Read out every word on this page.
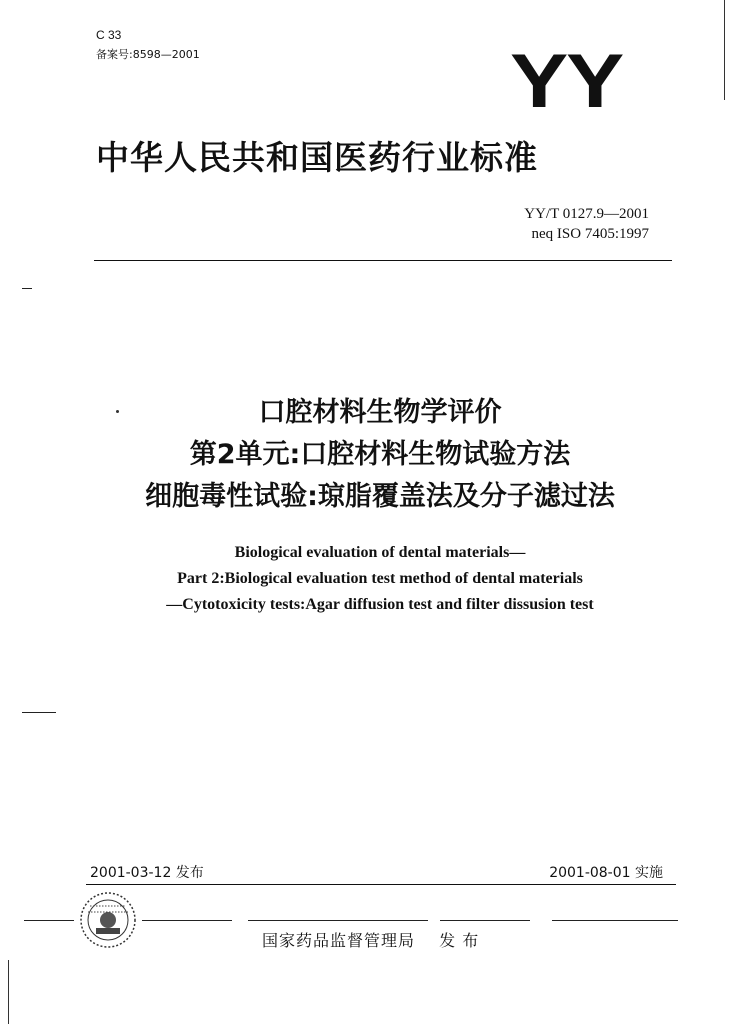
C 33
备案号:8598—2001	YY
中华人民共和国医药行业标准
YY/T 0127.9—2001
neq ISO 7405:1997
口腔材料生物学评价
第2单元:口腔材料生物试验方法
细胞毒性试验:琼脂覆盖法及分子滤过法
Biological evaluation of dental materials—
Part 2:Biological evaluation test method of dental materials
—Cytotoxicity tests:Agar diffusion test and filter dissusion test
2001-03-12 发布	2001-08-01 实施
国家药品监督管理局 发 布
